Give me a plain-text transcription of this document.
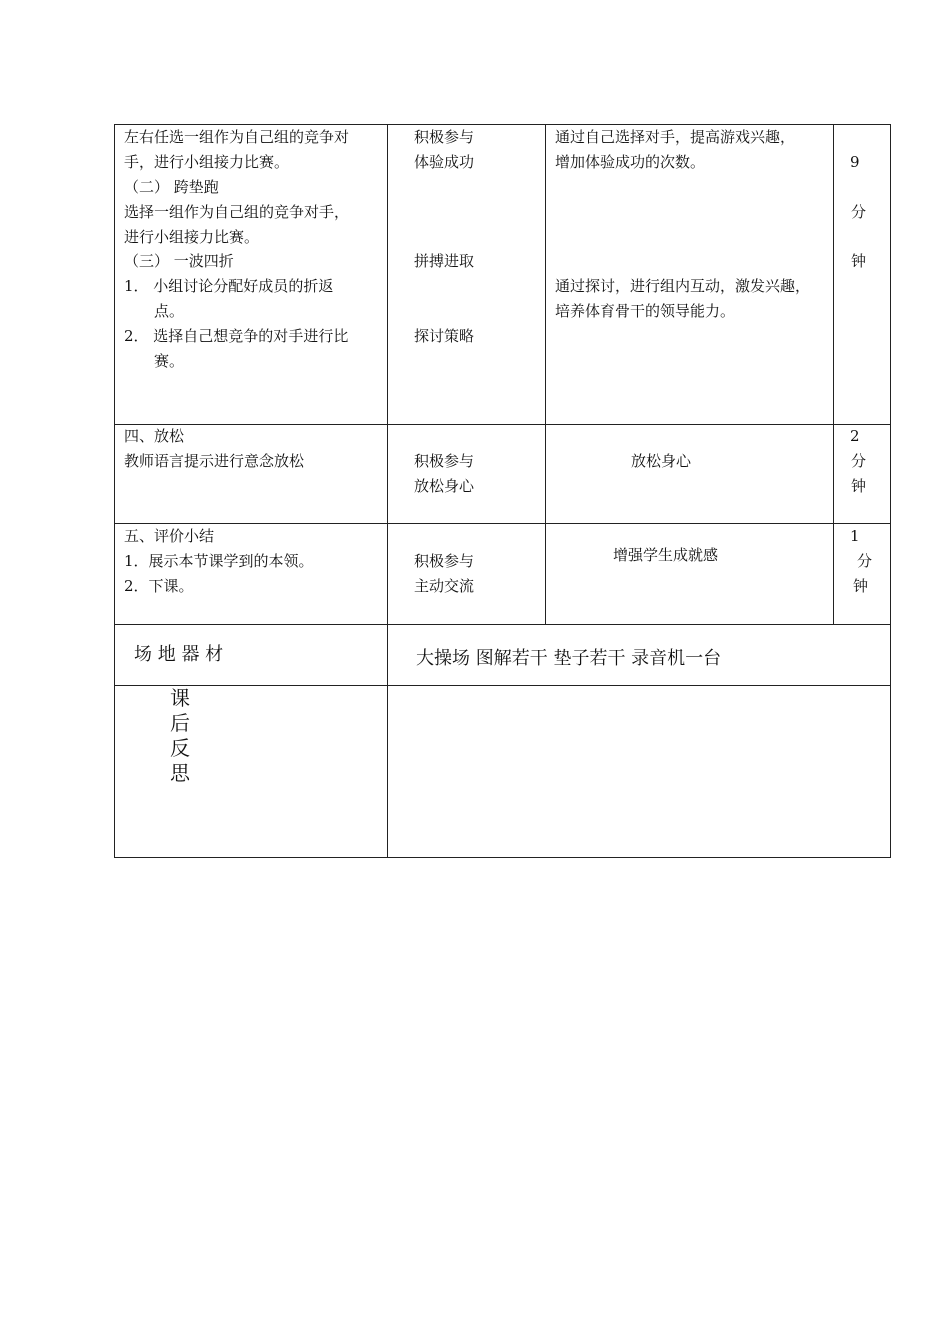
左右任选一组作为自己组的竞争对
手，进行小组接力比赛。
（二） 跨垫跑
选择一组作为自己组的竞争对手，
进行小组接力比赛。
（三） 一波四折
1． 小组讨论分配好成员的折返
点。
2． 选择自己想竞争的对手进行比
赛。
积极参与
体验成功
拼搏进取
探讨策略
通过自己选择对手，提高游戏兴趣，
增加体验成功的次数。
通过探讨，进行组内互动，激发兴趣，
培养体育骨干的领导能力。
9
分
钟
四、放松
教师语言提示进行意念放松	积极参与
放松身心
放松身心
2
分
钟
五、评价小结
1．展示本节课学到的本领。
2．下课。
积极参与
主动交流
增强学生成就感
1
分
钟
场 地 器 材	大操场 图解若干 垫子若干 录音机一台
课
后
反
思
